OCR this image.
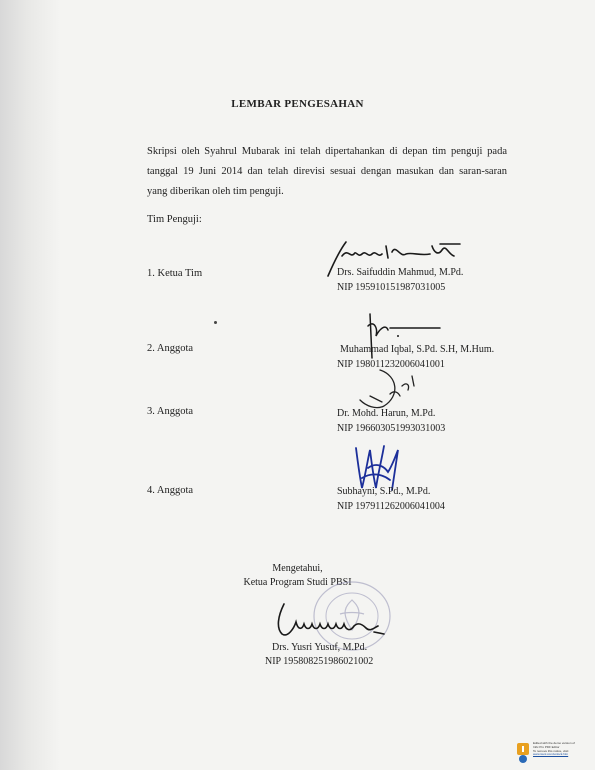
LEMBAR PENGESAHAN
Skripsi oleh Syahrul Mubarak ini telah dipertahankan di depan tim penguji pada
tanggal 19 Juni 2014 dan telah direvisi sesuai dengan masukan dan saran-saran
yang diberikan oleh tim penguji.
Tim Penguji:
1. Ketua Tim	Drs. Saifuddin Mahmud, M.Pd.
NIP 195910151987031005
2. Anggota	Muhammad Iqbal, S.Pd. S.H, M.Hum.
NIP 198011232006041001
3. Anggota	Dr. Mohd. Harun, M.Pd.
NIP 196603051993031003
4. Anggota	Subhayni, S.Pd., M.Pd.
NIP 197911262006041004
Mengetahui,
Ketua Program Studi PBSI
Drs. Yusri Yusuf, M.Pd.
NIP 195808251986021002
Edited with the demo version of
Infix Pro PDF Editor
To remove this notice, visit:
www.iceni.com/unlock.htm
